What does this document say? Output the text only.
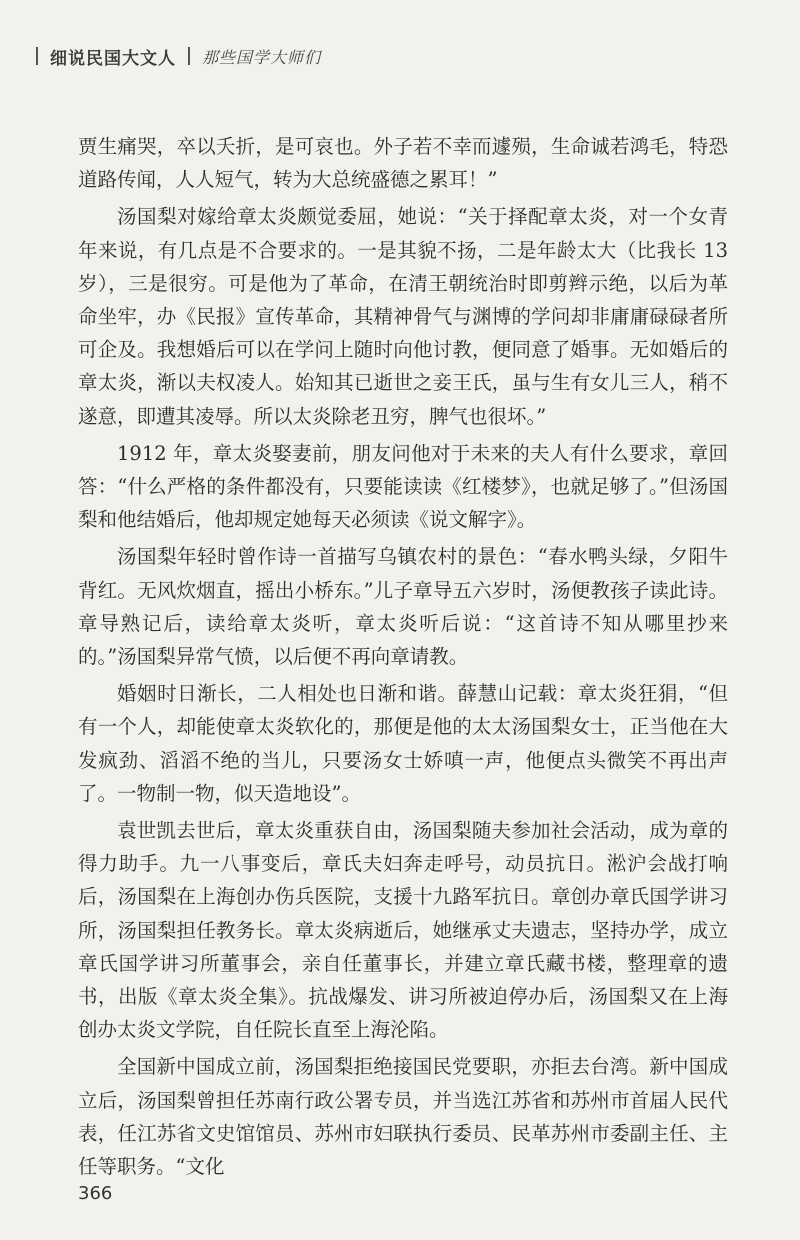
细说民国大文人 那些国学大师们

贾生痛哭，卒以夭折，是可哀也。外子若不幸而遽殒，生命诚若鸿毛，特恐道路传闻，人人短气，转为大总统盛德之累耳！”

汤国梨对嫁给章太炎颇觉委屈，她说：“关于择配章太炎，对一个女青年来说，有几点是不合要求的。一是其貌不扬，二是年龄太大（比我长 13 岁），三是很穷。可是他为了革命，在清王朝统治时即剪辫示绝，以后为革命坐牢，办《民报》宣传革命，其精神骨气与渊博的学问却非庸庸碌碌者所可企及。我想婚后可以在学问上随时向他讨教，便同意了婚事。无如婚后的章太炎，渐以夫权凌人。始知其已逝世之妾王氏，虽与生有女儿三人，稍不遂意，即遭其凌辱。所以太炎除老丑穷，脾气也很坏。”

1912 年，章太炎娶妻前，朋友问他对于未来的夫人有什么要求，章回答：“什么严格的条件都没有，只要能读读《红楼梦》，也就足够了。”但汤国梨和他结婚后，他却规定她每天必须读《说文解字》。

汤国梨年轻时曾作诗一首描写乌镇农村的景色：“春水鸭头绿，夕阳牛背红。无风炊烟直，摇出小桥东。”儿子章导五六岁时，汤便教孩子读此诗。章导熟记后，读给章太炎听，章太炎听后说：“这首诗不知从哪里抄来的。”汤国梨异常气愤，以后便不再向章请教。

婚姻时日渐长，二人相处也日渐和谐。薛慧山记载：章太炎狂狷，“但有一个人，却能使章太炎软化的，那便是他的太太汤国梨女士，正当他在大发疯劲、滔滔不绝的当儿，只要汤女士娇嗔一声，他便点头微笑不再出声了。一物制一物，似天造地设”。

袁世凯去世后，章太炎重获自由，汤国梨随夫参加社会活动，成为章的得力助手。九一八事变后，章氏夫妇奔走呼号，动员抗日。淞沪会战打响后，汤国梨在上海创办伤兵医院，支援十九路军抗日。章创办章氏国学讲习所，汤国梨担任教务长。章太炎病逝后，她继承丈夫遗志，坚持办学，成立章氏国学讲习所董事会，亲自任董事长，并建立章氏藏书楼，整理章的遗书，出版《章太炎全集》。抗战爆发、讲习所被迫停办后，汤国梨又在上海创办太炎文学院，自任院长直至上海沦陷。

全国新中国成立前，汤国梨拒绝接国民党要职，亦拒去台湾。新中国成立后，汤国梨曾担任苏南行政公署专员，并当选江苏省和苏州市首届人民代表，任江苏省文史馆馆员、苏州市妇联执行委员、民革苏州市委副主任、主任等职务。“文化

366
